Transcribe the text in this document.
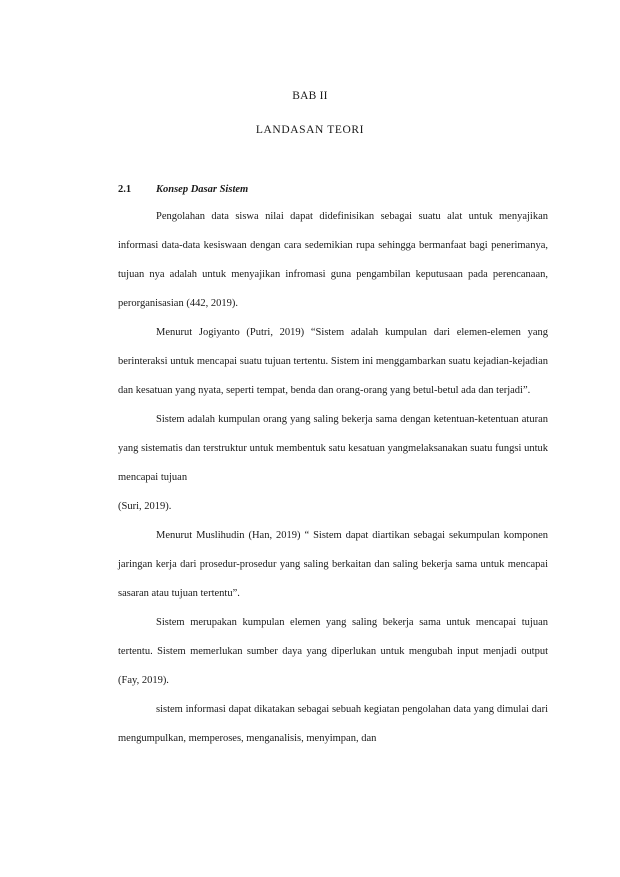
BAB II
LANDASAN TEORI
2.1 Konsep Dasar Sistem

Pengolahan data siswa nilai dapat didefinisikan sebagai suatu alat untuk menyajikan informasi data-data kesiswaan dengan cara sedemikian rupa sehingga bermanfaat bagi penerimanya, tujuan nya adalah untuk menyajikan infromasi guna pengambilan keputusaan pada perencanaan, perorganisasian (442, 2019).

Menurut Jogiyanto (Putri, 2019) “Sistem adalah kumpulan dari elemen-elemen yang berinteraksi untuk mencapai suatu tujuan tertentu. Sistem ini menggambarkan suatu kejadian-kejadian dan kesatuan yang nyata, seperti tempat, benda dan orang-orang yang betul-betul ada dan terjadi”.

Sistem adalah kumpulan orang yang saling bekerja sama dengan ketentuan-ketentuan aturan yang sistematis dan terstruktur untuk membentuk satu kesatuan yangmelaksanakan suatu fungsi untuk mencapai tujuan

(Suri, 2019).

Menurut Muslihudin (Han, 2019) “ Sistem dapat diartikan sebagai sekumpulan komponen jaringan kerja dari prosedur-prosedur yang saling berkaitan dan saling bekerja sama untuk mencapai sasaran atau tujuan tertentu”.

Sistem merupakan kumpulan elemen yang saling bekerja sama untuk mencapai tujuan tertentu. Sistem memerlukan sumber daya yang diperlukan untuk mengubah input menjadi output (Fay, 2019).

sistem informasi dapat dikatakan sebagai sebuah kegiatan pengolahan data yang dimulai dari mengumpulkan, memperoses, menganalisis, menyimpan, dan
